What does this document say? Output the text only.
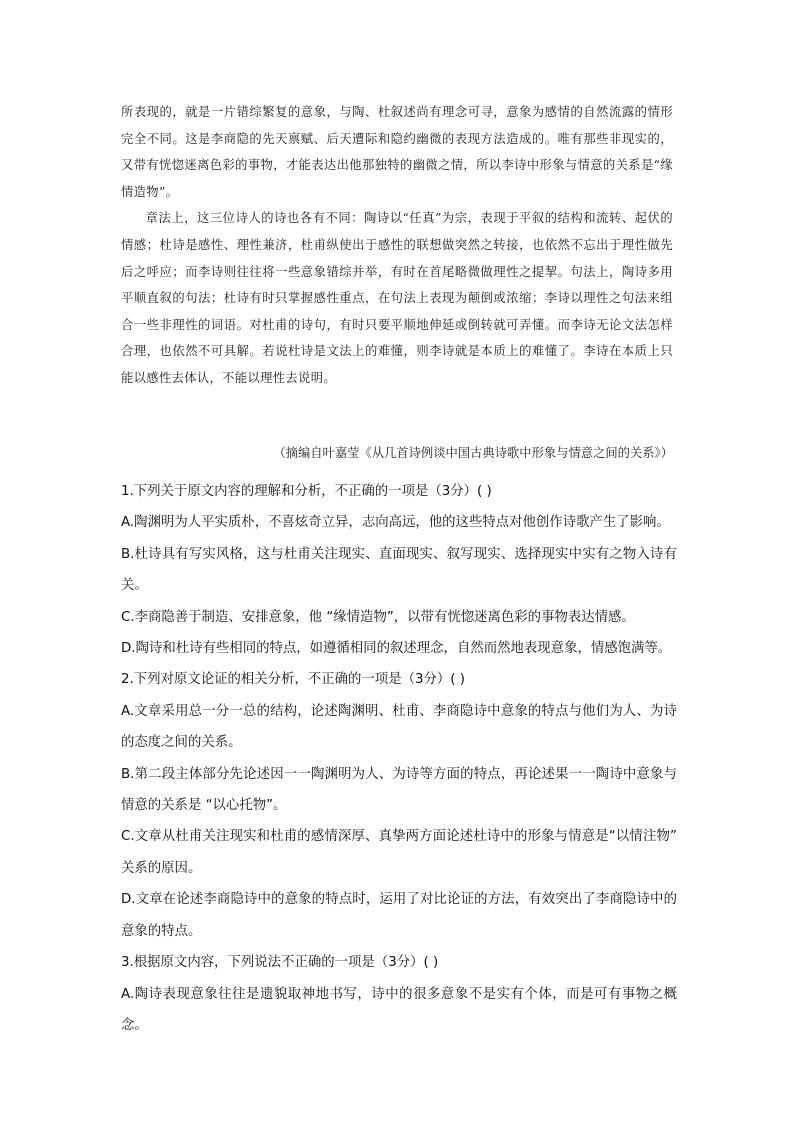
所表现的，就是一片错综繁复的意象，与陶、杜叙述尚有理念可寻，意象为感情的自然流露的情形完全不同。这是李商隐的先天禀赋、后天遭际和隐约幽微的表现方法造成的。唯有那些非现实的，又带有恍惚迷离色彩的事物，才能表达出他那独特的幽微之情，所以李诗中形象与情意的关系是“缘情造物”。

章法上，这三位诗人的诗也各有不同：陶诗以“任真”为宗，表现于平叙的结构和流转、起伏的情感；杜诗是感性、理性兼济，杜甫纵使出于感性的联想做突然之转接，也依然不忘出于理性做先后之呼应；而李诗则往往将一些意象错综并举，有时在首尾略微做理性之提挈。句法上，陶诗多用平顺直叙的句法；杜诗有时只掌握感性重点，在句法上表现为颠倒或浓缩；李诗以理性之句法来组合一些非理性的词语。对杜甫的诗句，有时只要平顺地伸延或倒转就可弄懂。而李诗无论文法怎样合理，也依然不可具解。若说杜诗是文法上的难懂，则李诗就是本质上的难懂了。李诗在本质上只能以感性去体认，不能以理性去说明。

（摘编自叶嘉莹《从几首诗例谈中国古典诗歌中形象与情意之间的关系》）

1.下列关于原文内容的理解和分析，不正确的一项是（3分）( )

A.陶渊明为人平实质朴，不喜炫奇立异，志向高远，他的这些特点对他创作诗歌产生了影响。

B.杜诗具有写实风格，这与杜甫关注现实、直面现实、叙写现实、选择现实中实有之物入诗有关。

C.李商隐善于制造、安排意象，他 “缘情造物”，以带有恍惚迷离色彩的事物表达情感。

D.陶诗和杜诗有些相同的特点，如遵循相同的叙述理念，自然而然地表现意象，情感饱满等。

2.下列对原文论证的相关分析，不正确的一项是（3分）( )

A.文章采用总一分一总的结构，论述陶渊明、杜甫、李商隐诗中意象的特点与他们为人、为诗的态度之间的关系。

B.第二段主体部分先论述因一一陶渊明为人、为诗等方面的特点，再论述果一一陶诗中意象与情意的关系是 “以心托物”。

C.文章从杜甫关注现实和杜甫的感情深厚、真挚两方面论述杜诗中的形象与情意是“以情注物” 关系的原因。

D.文章在论述李商隐诗中的意象的特点时，运用了对比论证的方法，有效突出了李商隐诗中的意象的特点。

3.根据原文内容，下列说法不正确的一项是（3分）( )

A.陶诗表现意象往往是遗貌取神地书写，诗中的很多意象不是实有个体，而是可有事物之概念。
